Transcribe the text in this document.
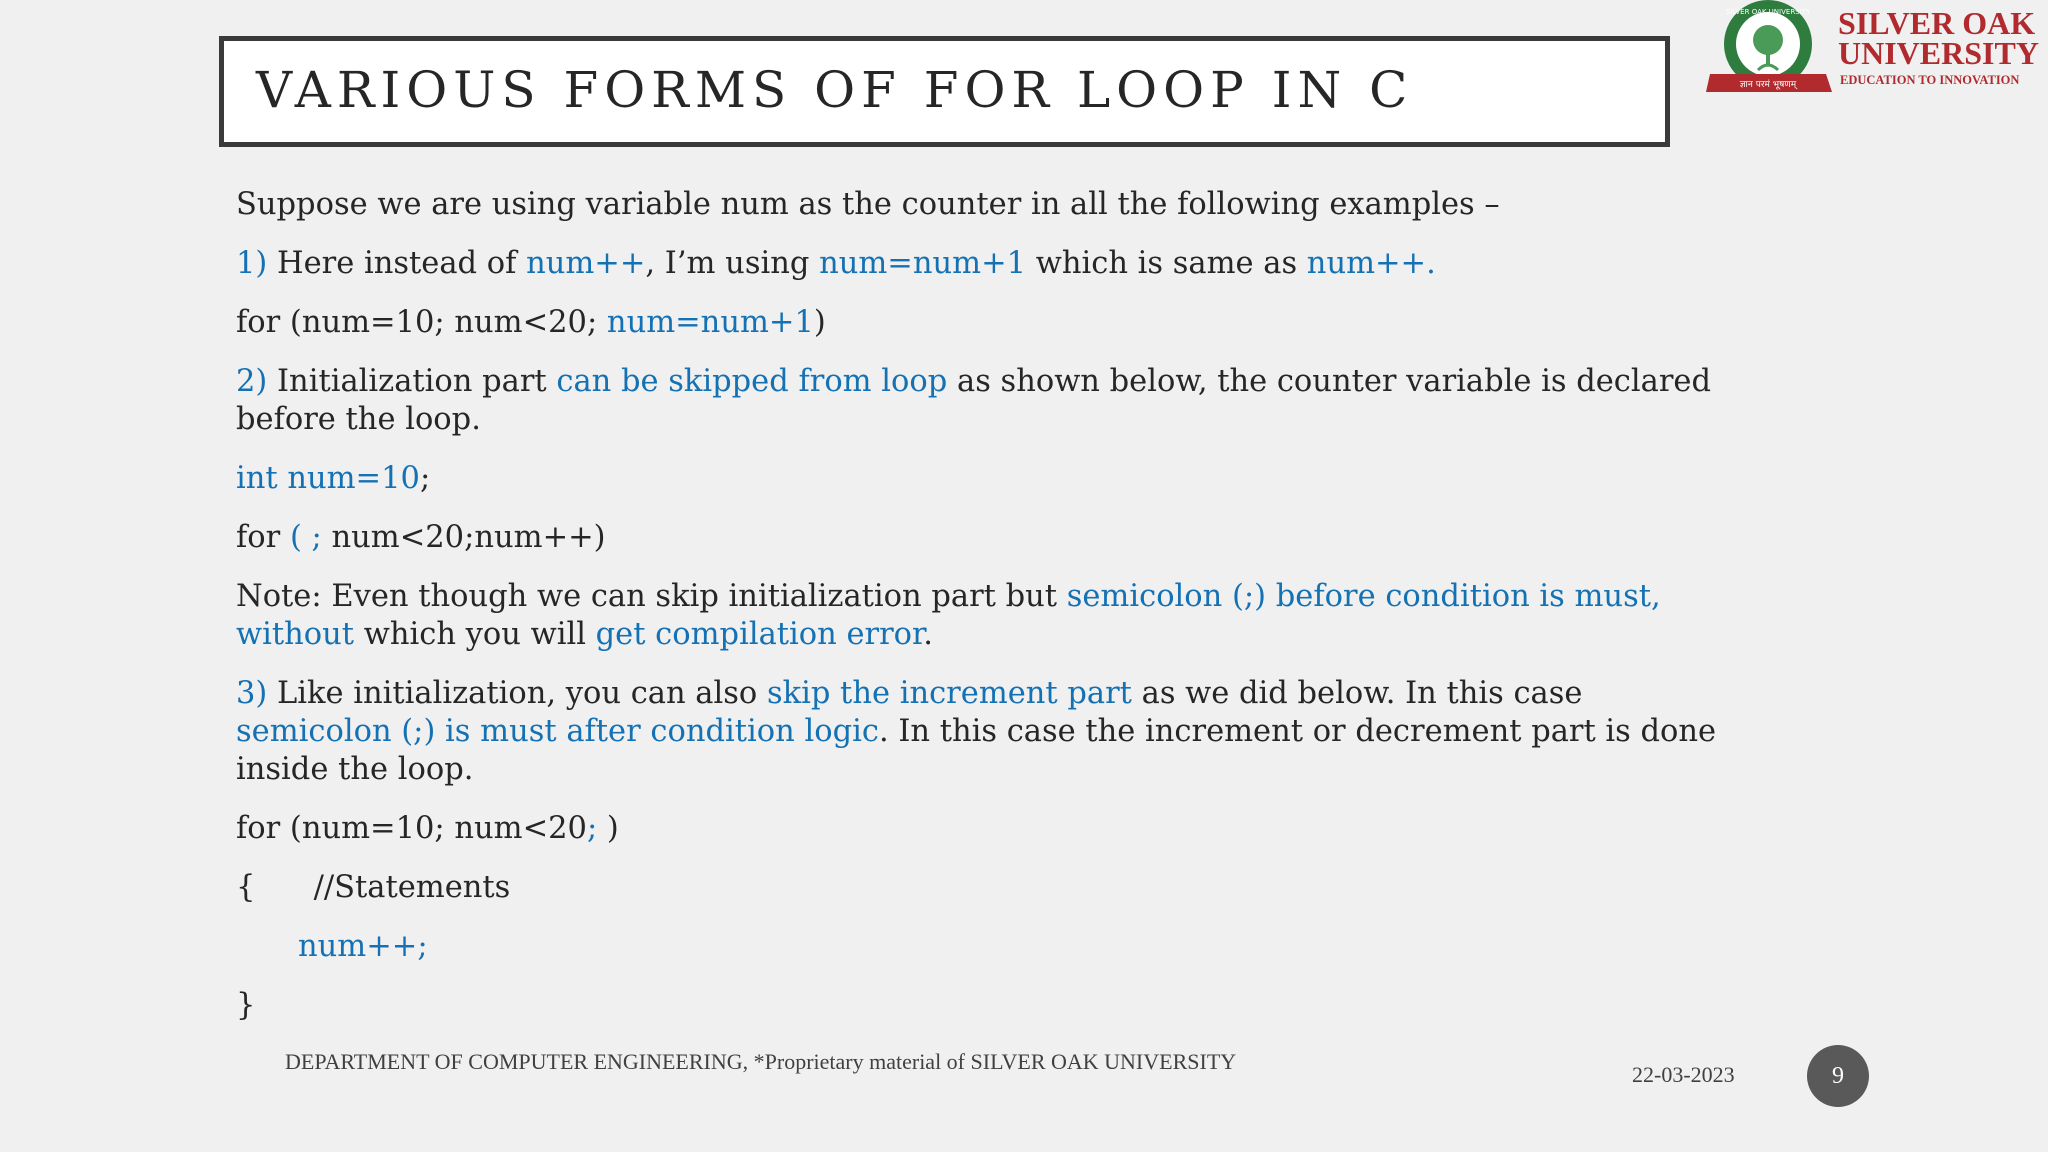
VARIOUS FORMS OF FOR LOOP IN C	ज्ञान परमं भूषणम्
SILVER OAK UNIVERSITY SILVER OAK
UNIVERSITY
EDUCATION TO INNOVATION

Suppose we are using variable num as the counter in all the following examples –

1) Here instead of num++, I’m using num=num+1 which is same as num++.

for (num=10; num<20; num=num+1)

2) Initialization part can be skipped from loop as shown below, the counter variable is declared before the loop.

int num=10;

for ( ; num<20;num++)

Note: Even though we can skip initialization part but semicolon (;) before condition is must, without which you will get compilation error.

3) Like initialization, you can also skip the increment part as we did below. In this case semicolon (;) is must after condition logic. In this case the increment or decrement part is done inside the loop.

for (num=10; num<20; )

{ //Statements

num++;

}

DEPARTMENT OF COMPUTER ENGINEERING, *Proprietary material of SILVER OAK UNIVERSITY
22-03-2023	9
